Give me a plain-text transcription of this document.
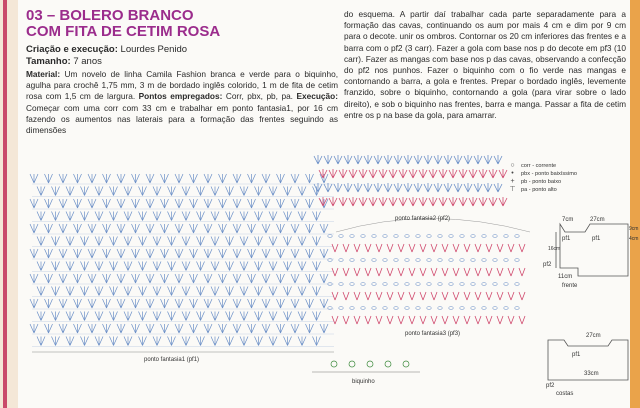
03 – BOLERO BRANCO
COM FITA DE CETIM ROSA
Criação e execução: Lourdes Penido
Tamanho: 7 anos
Material: Um novelo de linha Camila Fashion branca e verde para o biquinho, agulha para crochê 1,75 mm, 3 m de bordado inglês colorido, 1 m de fita de cetim rosa com 1,5 cm de largura. Pontos empregados: Corr, pbx, pb, pa. Execução: Começar com uma corr com 33 cm e trabalhar em ponto fantasia1, por 16 cm fazendo os aumentos nas laterais para a formação das frentes seguindo as dimensões
do esquema. A partir daí trabalhar cada parte separadamente para a formação das cavas, continuando os aum por mais 4 cm e dim por 9 cm para o decote. unir os ombros. Contornar os 20 cm inferiores das frentes e a barra com o pf2 (3 carr). Fazer a gola com base nos p do decote em pf3 (10 carr). Fazer as mangas com base nos p das cavas, observando a confecção do pf2 nos punhos. Fazer o biquinho com o fio verde nas mangas e contornando a barra, a gola e frentes. Prepar o bordado inglês, levemente franzido, sobre o biquinho, contornando a gola (para virar sobre o lado direito), e sob o biquinho nas frentes, barra e manga. Passar a fita de cetim entre os p na base da gola, para amarrar.
ponto fantasia1 (pf1)
ponto fantasia2 (pf2)
ponto fantasia3 (pf3)
biquinho
○	corr - corrente
•	pbx - ponto baixíssimo
+	pb - ponto baixo
⊤ pa - ponto alto
7cm	27cm
pf1	pf1
9cm
4cm
16cm
pf2
11cm
frente
27cm
pf1
33cm
pf2
costas
